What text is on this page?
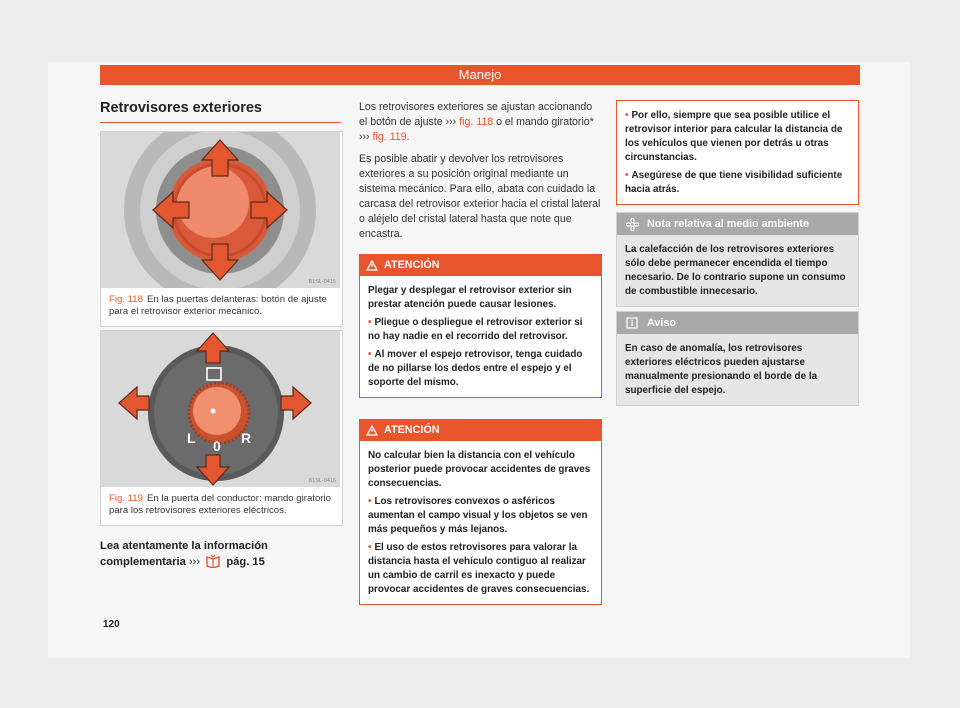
Manejo
Retrovisores exteriores
B1SL-0415
Fig. 118 En las puertas delanteras: botón de ajuste para el retrovisor exterior mecánico.
L 0 R
B1SL-0416
Fig. 119 En la puerta del conductor: mando giratorio para los retrovisores exteriores eléctricos.
Lea atentamente la información complementaria ››› pág. 15

Los retrovisores exteriores se ajustan accionando el botón de ajuste ››› fig. 118 o el mando giratorio* ››› fig. 119.

Es posible abatir y devolver los retrovisores exteriores a su posición original mediante un sistema mecánico. Para ello, abata con cuidado la carcasa del retrovisor exterior hacia el cristal lateral o aléjelo del cristal lateral hasta que note que encastra.

ATENCIÓN

Plegar y desplegar el retrovisor exterior sin prestar atención puede causar lesiones.

• Pliegue o despliegue el retrovisor exterior si no hay nadie en el recorrido del retrovisor.

• Al mover el espejo retrovisor, tenga cuidado de no pillarse los dedos entre el espejo y el soporte del mismo.

ATENCIÓN

No calcular bien la distancia con el vehículo posterior puede provocar accidentes de graves consecuencias.

• Los retrovisores convexos o asféricos aumentan el campo visual y los objetos se ven más pequeños y más lejanos.

• El uso de estos retrovisores para valorar la distancia hasta el vehículo contiguo al realizar un cambio de carril es inexacto y puede provocar accidentes de graves consecuencias.

• Por ello, siempre que sea posible utilice el retrovisor interior para calcular la distancia de los vehículos que vienen por detrás u otras circunstancias.

• Asegúrese de que tiene visibilidad suficiente hacia atrás.

Nota relativa al medio ambiente
La calefacción de los retrovisores exteriores sólo debe permanecer encendida el tiempo necesario. De lo contrario supone un consumo de combustible innecesario.
Aviso
En caso de anomalía, los retrovisores exteriores eléctricos pueden ajustarse manualmente presionando el borde de la superficie del espejo.
120
